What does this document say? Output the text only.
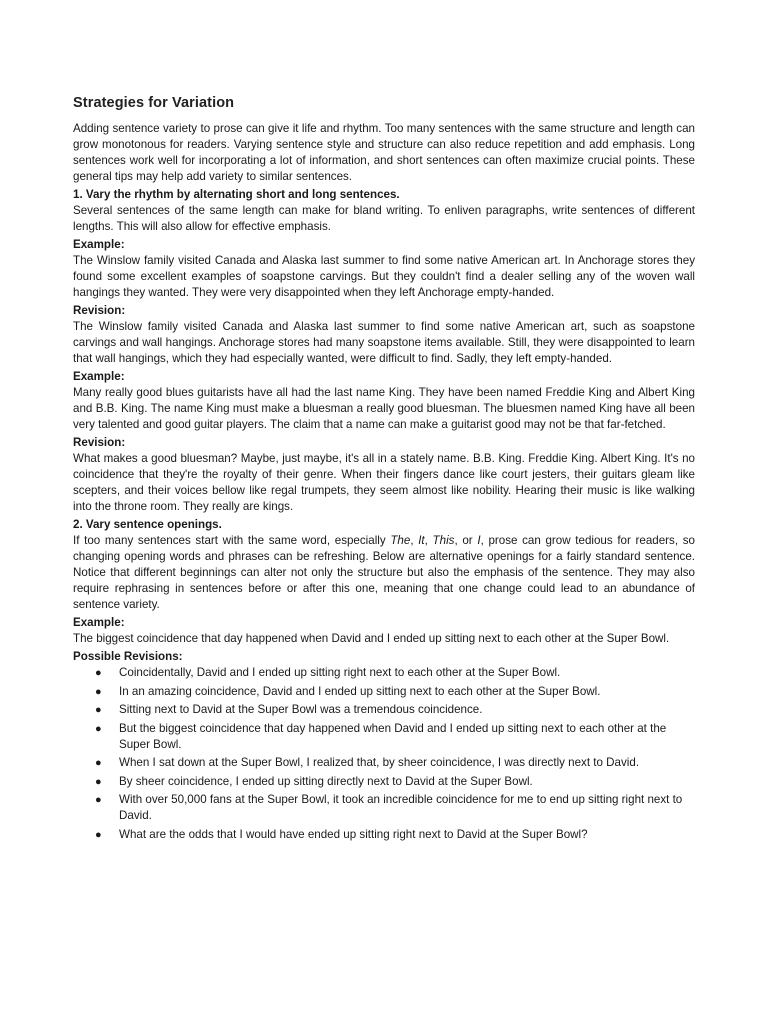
Strategies for Variation

Adding sentence variety to prose can give it life and rhythm. Too many sentences with the same structure and length can grow monotonous for readers. Varying sentence style and structure can also reduce repetition and add emphasis. Long sentences work well for incorporating a lot of information, and short sentences can often maximize crucial points. These general tips may help add variety to similar sentences.

1. Vary the rhythm by alternating short and long sentences.

Several sentences of the same length can make for bland writing. To enliven paragraphs, write sentences of different lengths. This will also allow for effective emphasis.

Example:

The Winslow family visited Canada and Alaska last summer to find some native American art. In Anchorage stores they found some excellent examples of soapstone carvings. But they couldn't find a dealer selling any of the woven wall hangings they wanted. They were very disappointed when they left Anchorage empty-handed.

Revision:

The Winslow family visited Canada and Alaska last summer to find some native American art, such as soapstone carvings and wall hangings. Anchorage stores had many soapstone items available. Still, they were disappointed to learn that wall hangings, which they had especially wanted, were difficult to find. Sadly, they left empty-handed.

Example:

Many really good blues guitarists have all had the last name King. They have been named Freddie King and Albert King and B.B. King. The name King must make a bluesman a really good bluesman. The bluesmen named King have all been very talented and good guitar players. The claim that a name can make a guitarist good may not be that far-fetched.

Revision:

What makes a good bluesman? Maybe, just maybe, it's all in a stately name. B.B. King. Freddie King. Albert King. It's no coincidence that they're the royalty of their genre. When their fingers dance like court jesters, their guitars gleam like scepters, and their voices bellow like regal trumpets, they seem almost like nobility. Hearing their music is like walking into the throne room. They really are kings.

2. Vary sentence openings.

If too many sentences start with the same word, especially The, It, This, or I, prose can grow tedious for readers, so changing opening words and phrases can be refreshing. Below are alternative openings for a fairly standard sentence. Notice that different beginnings can alter not only the structure but also the emphasis of the sentence. They may also require rephrasing in sentences before or after this one, meaning that one change could lead to an abundance of sentence variety.

Example:

The biggest coincidence that day happened when David and I ended up sitting next to each other at the Super Bowl.

Possible Revisions:

● Coincidentally, David and I ended up sitting right next to each other at the Super Bowl.
● In an amazing coincidence, David and I ended up sitting next to each other at the Super Bowl.
● Sitting next to David at the Super Bowl was a tremendous coincidence.
● But the biggest coincidence that day happened when David and I ended up sitting next to each other at the Super Bowl.
● When I sat down at the Super Bowl, I realized that, by sheer coincidence, I was directly next to David.
● By sheer coincidence, I ended up sitting directly next to David at the Super Bowl.
● With over 50,000 fans at the Super Bowl, it took an incredible coincidence for me to end up sitting right next to David.
● What are the odds that I would have ended up sitting right next to David at the Super Bowl?
